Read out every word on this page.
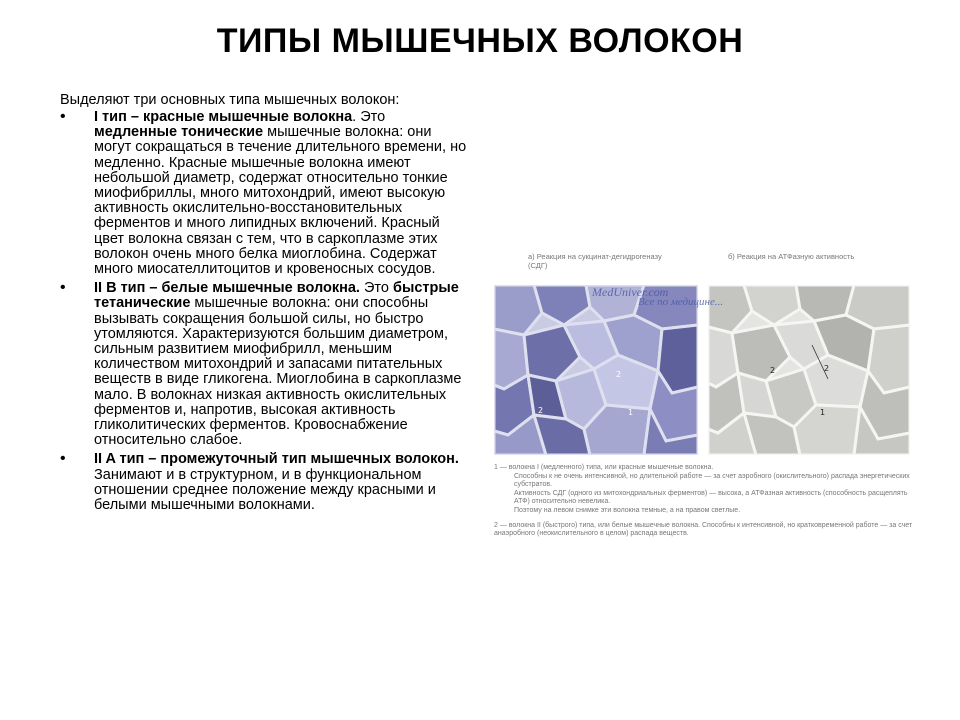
ТИПЫ МЫШЕЧНЫХ ВОЛОКОН
Выделяют три основных типа мышечных волокон:
• I тип – красные мышечные волокна. Это медленные тонические мышечные волокна: они могут сокращаться в течение длительного времени, но медленно. Красные мышечные волокна имеют небольшой диаметр, содержат относительно тонкие миофибриллы, много митохондрий, имеют высокую активность окислительно-восстановительных ферментов и много липидных включений. Красный цвет волокна связан с тем, что в саркоплазме этих волокон очень много белка миоглобина. Содержат много миосателлитоцитов и кровеносных сосудов.
• II B тип – белые мышечные волокна. Это быстрые тетанические мышечные волокна: они способны вызывать сокращения большой силы, но быстро утомляются. Характеризуются большим диаметром, сильным развитием миофибрилл, меньшим количеством митохондрий и запасами питательных веществ в виде гликогена. Миоглобина в саркоплазме мало. В волокнах низкая активность окислительных ферментов и, напротив, высокая активность гликолитических ферментов. Кровоснабжение относительно слабое.
• II A тип – промежуточный тип мышечных волокон. Занимают и в структурном, и в функциональном отношении среднее положение между красными и белыми мышечными волокнами.
а) Реакция на сукцинат-дегидрогеназу (СДГ)
б) Реакция на АТФазную активность
2
2	1
2
2
1
MedUniver.com
Все по медицине...

1 — волокна I (медленного) типа, или красные мышечные волокна.

Способны к не очень интенсивной, но длительной работе — за счет аэробного (окислительного) распада энергетических субстратов.

Активность СДГ (одного из митохондриальных ферментов) — высока, а АТФазная активность (способность расщеплять АТФ) относительно невелика.

Поэтому на левом снимке эти волокна темные, а на правом светлые.

2 — волокна II (быстрого) типа, или белые мышечные волокна. Способны к интенсивной, но кратковременной работе — за счет анаэробного (неокислительного в целом) распада веществ.
